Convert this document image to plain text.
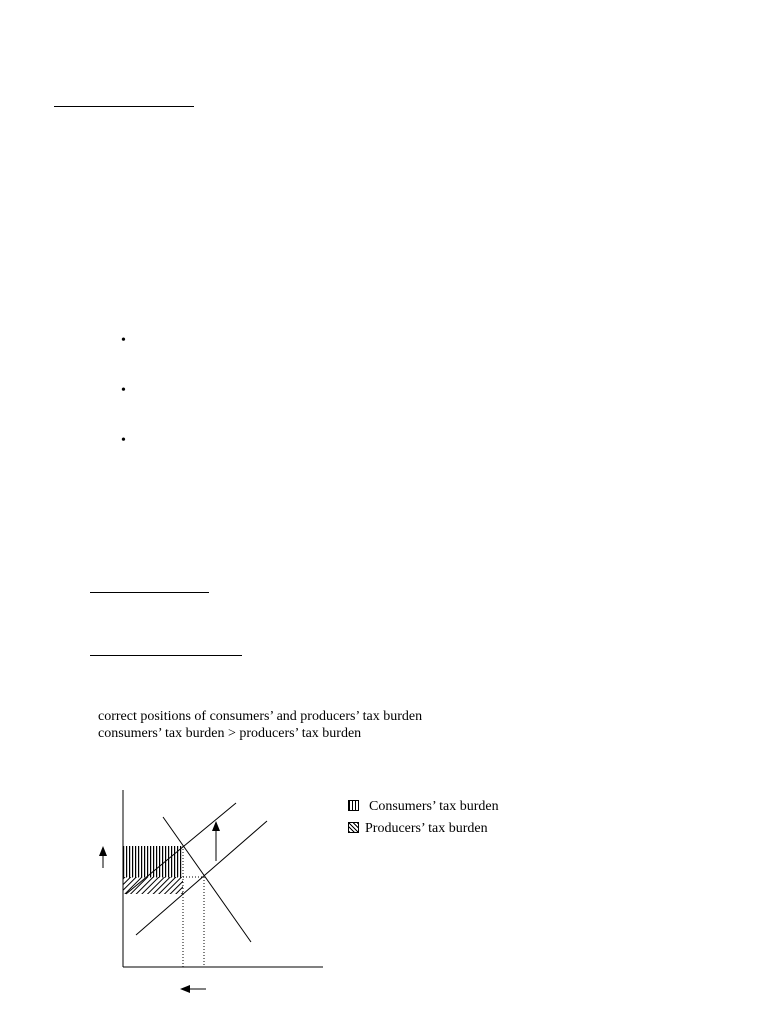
•
•
•
correct positions of consumers’ and producers’ tax burden
consumers’ tax burden > producers’ tax burden
Consumers’ tax burden
Producers’ tax burden
